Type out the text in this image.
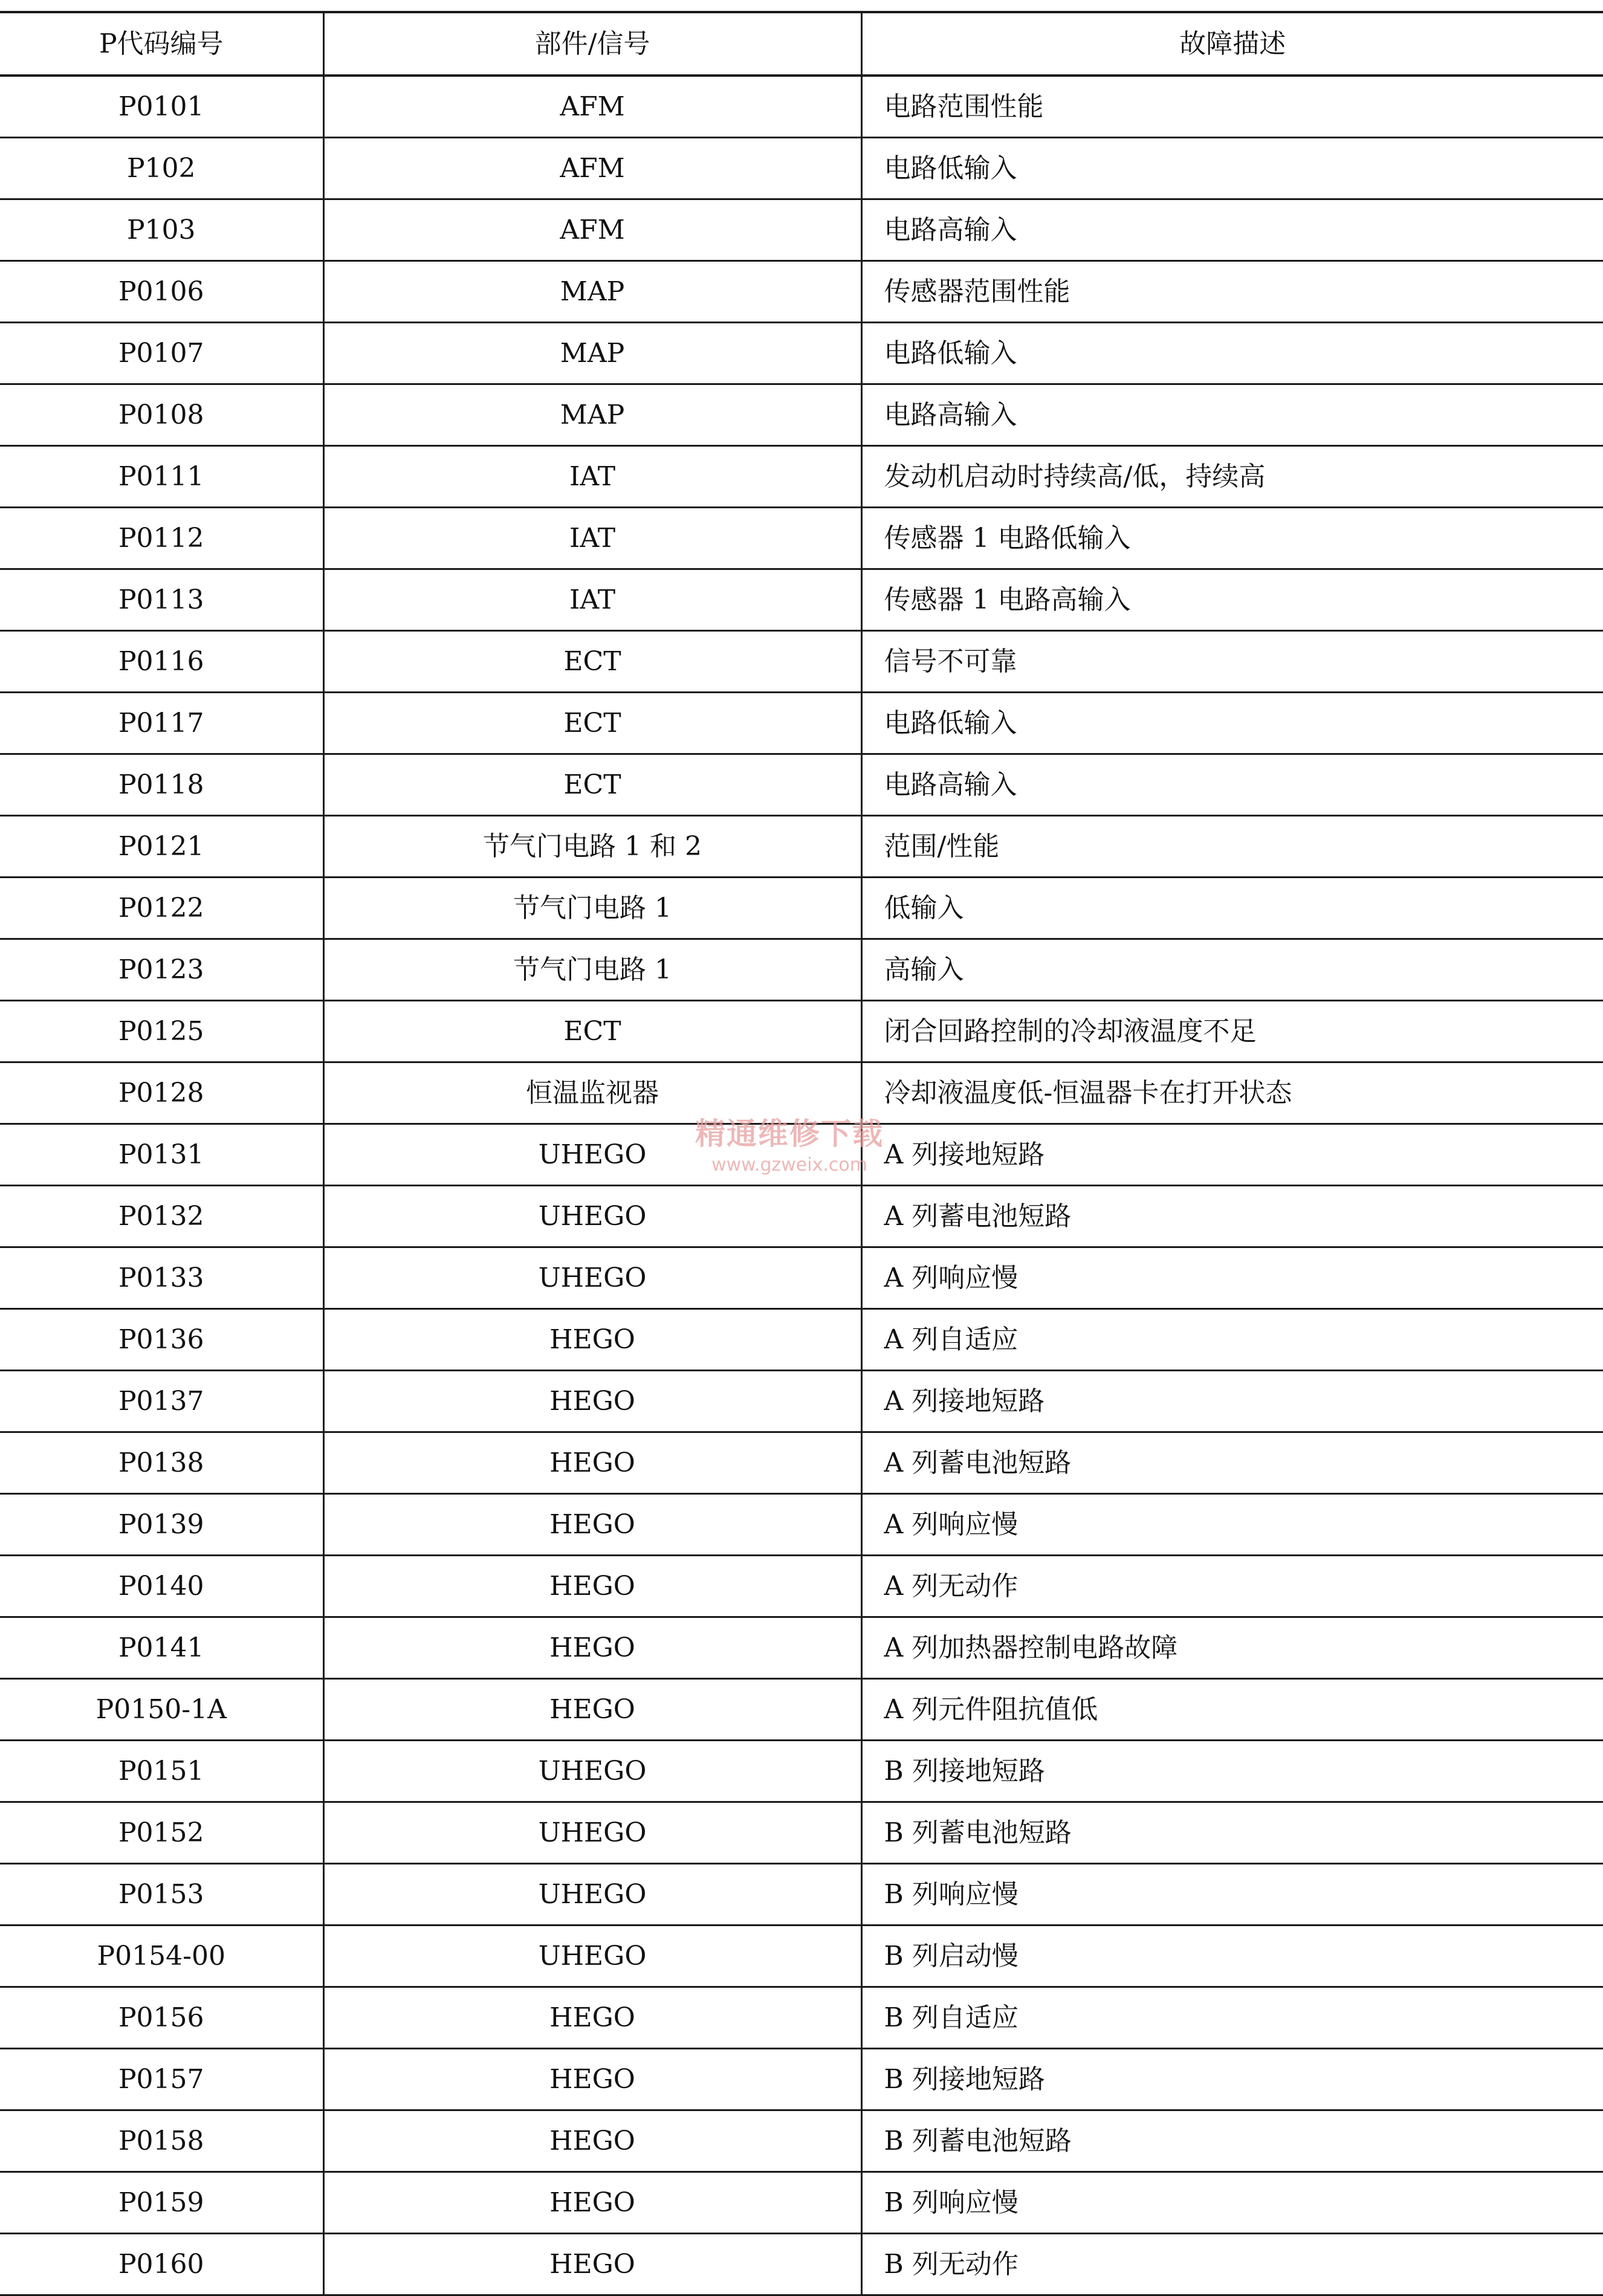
P代码编号	部件/信号	故障描述
P0101	AFM	电路范围性能
P102	AFM	电路低输入
P103	AFM	电路高输入
P0106	MAP	传感器范围性能
P0107	MAP	电路低输入
P0108	MAP	电路高输入
P0111	IAT	发动机启动时持续高/低，持续高
P0112	IAT	传感器 1 电路低输入
P0113	IAT	传感器 1 电路高输入
P0116	ECT	信号不可靠
P0117	ECT	电路低输入
P0118	ECT	电路高输入
P0121	节气门电路 1 和 2	范围/性能
P0122	节气门电路 1	低输入
P0123	节气门电路 1	高输入
P0125	ECT	闭合回路控制的冷却液温度不足
P0128	恒温监视器	冷却液温度低-恒温器卡在打开状态
P0131	UHEGO	A 列接地短路
P0132	UHEGO	A 列蓄电池短路
P0133	UHEGO	A 列响应慢
P0136	HEGO	A 列自适应
P0137	HEGO	A 列接地短路
P0138	HEGO	A 列蓄电池短路
P0139	HEGO	A 列响应慢
P0140	HEGO	A 列无动作
P0141	HEGO	A 列加热器控制电路故障
P0150-1A	HEGO	A 列元件阻抗值低
P0151	UHEGO	B 列接地短路
P0152	UHEGO	B 列蓄电池短路
P0153	UHEGO	B 列响应慢
P0154-00	UHEGO	B 列启动慢
P0156	HEGO	B 列自适应
P0157	HEGO	B 列接地短路
P0158	HEGO	B 列蓄电池短路
P0159	HEGO	B 列响应慢
P0160	HEGO	B 列无动作
精通维修下载
www.gzweix.com
